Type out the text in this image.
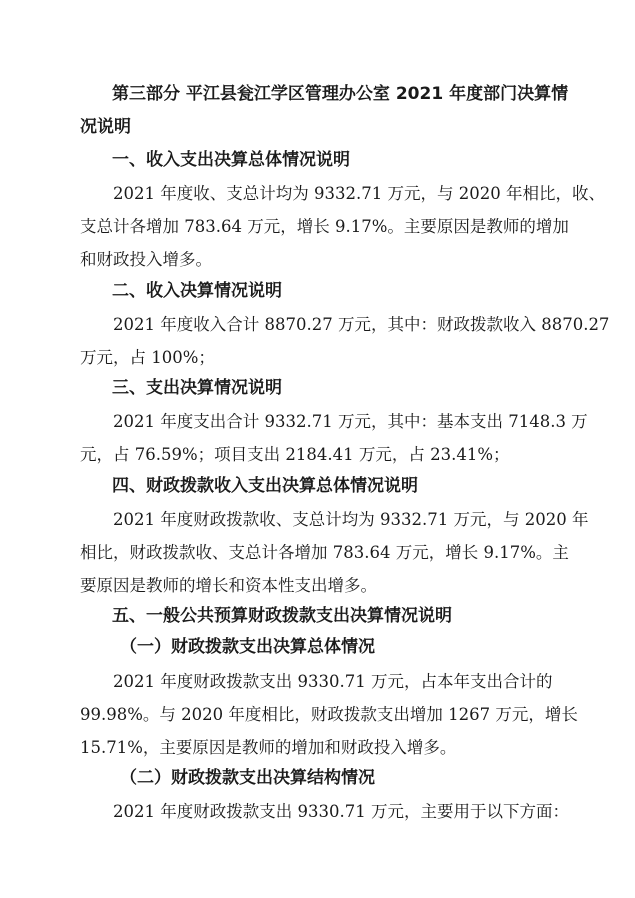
第三部分 平江县瓮江学区管理办公室 2021 年度部门决算情
况说明
一、收入支出决算总体情况说明
2021 年度收、支总计均为 9332.71 万元，与 2020 年相比，收、
支总计各增加 783.64 万元，增长 9.17%。主要原因是教师的增加
和财政投入增多。
二、收入决算情况说明
2021 年度收入合计 8870.27 万元，其中：财政拨款收入 8870.27
万元，占 100%；
三、支出决算情况说明
2021 年度支出合计 9332.71 万元，其中：基本支出 7148.3 万
元，占 76.59%；项目支出 2184.41 万元，占 23.41%；
四、财政拨款收入支出决算总体情况说明
2021 年度财政拨款收、支总计均为 9332.71 万元，与 2020 年
相比，财政拨款收、支总计各增加 783.64 万元，增长 9.17%。主
要原因是教师的增长和资本性支出增多。
五、一般公共预算财政拨款支出决算情况说明
（一）财政拨款支出决算总体情况
2021 年度财政拨款支出 9330.71 万元，占本年支出合计的
99.98%。与 2020 年度相比，财政拨款支出增加 1267 万元，增长
15.71%，主要原因是教师的增加和财政投入增多。
（二）财政拨款支出决算结构情况
2021 年度财政拨款支出 9330.71 万元，主要用于以下方面：
